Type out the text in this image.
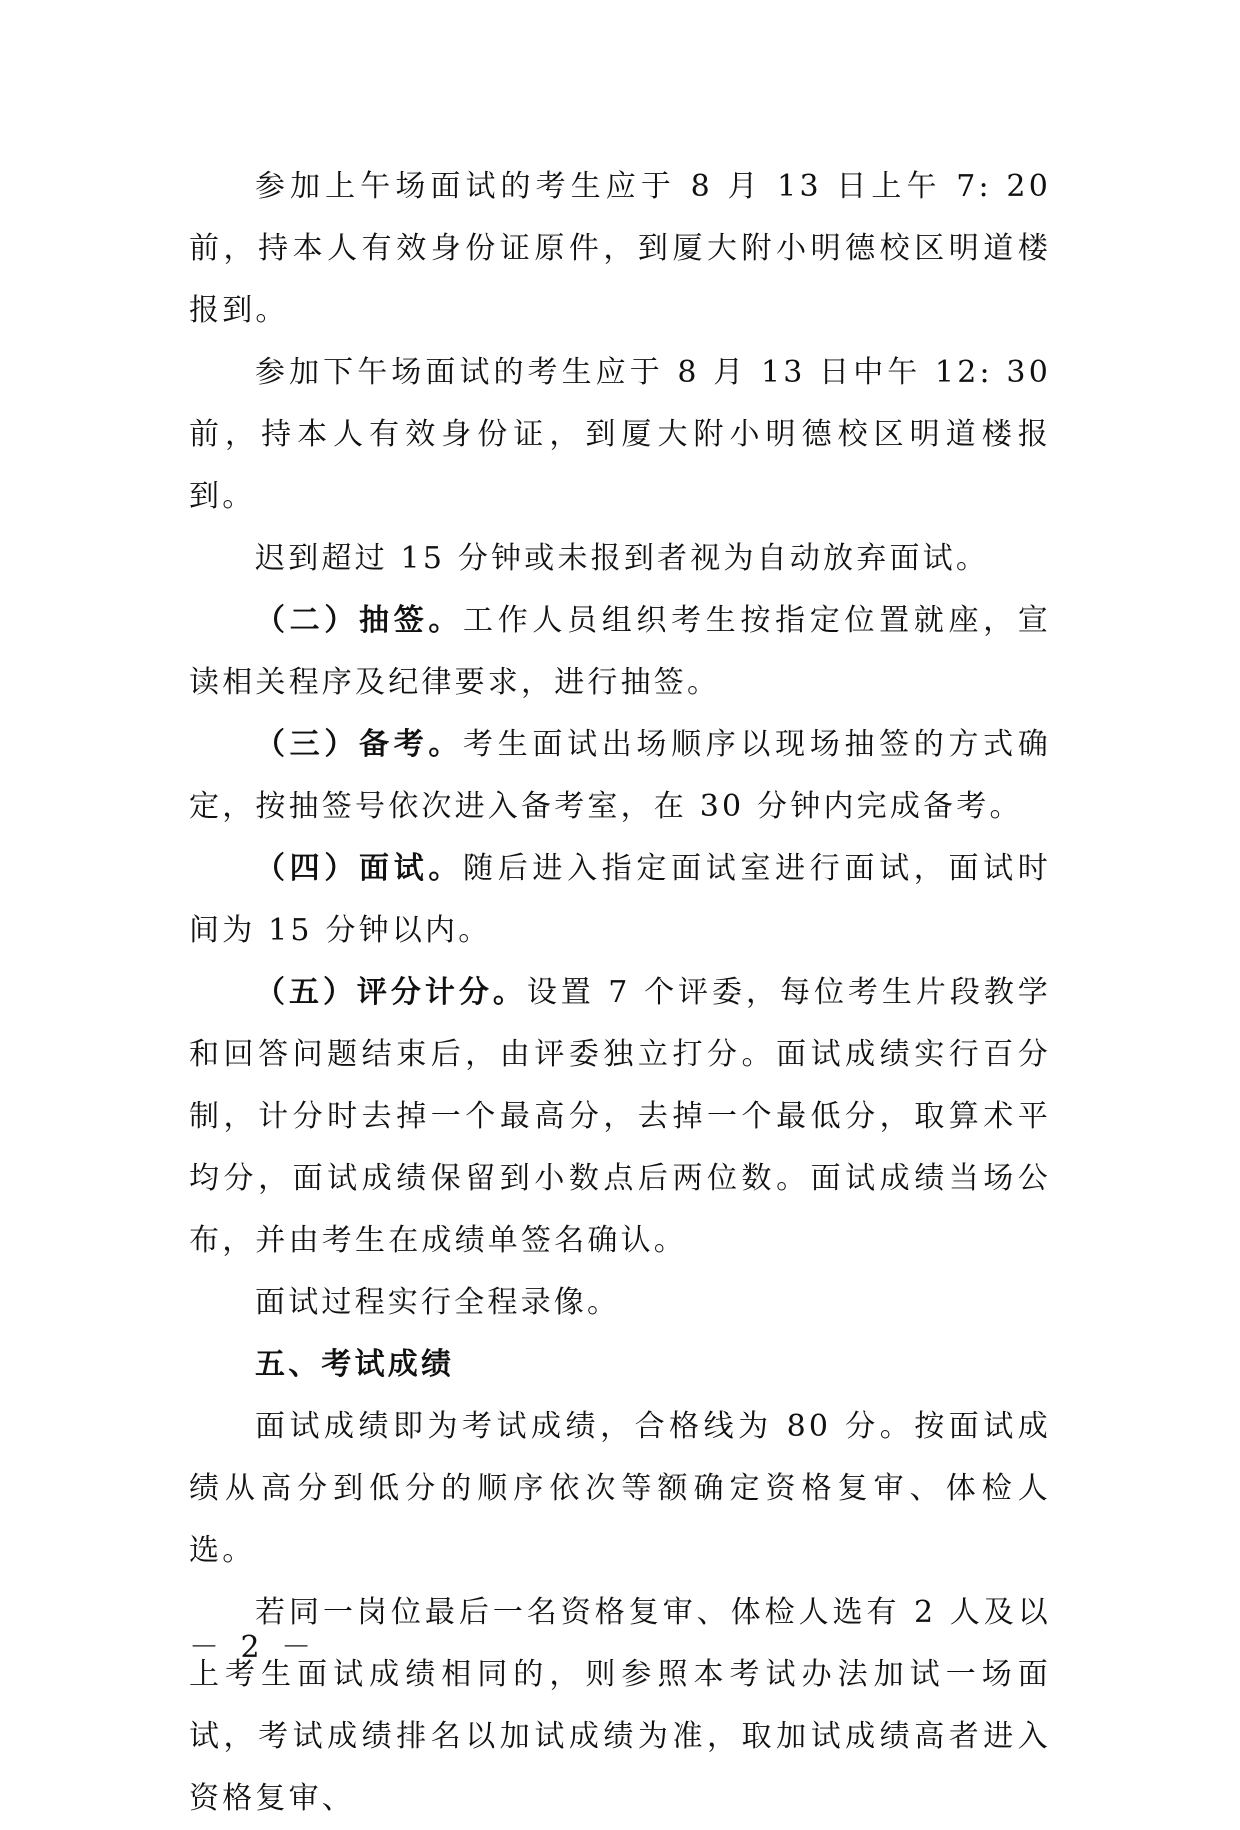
参加上午场面试的考生应于 8 月 13 日上午 7: 20 前，持本人有效身份证原件，到厦大附小明德校区明道楼报到。

参加下午场面试的考生应于 8 月 13 日中午 12: 30 前，持本人有效身份证，到厦大附小明德校区明道楼报到。

迟到超过 15 分钟或未报到者视为自动放弃面试。

（二）抽签。工作人员组织考生按指定位置就座，宣读相关程序及纪律要求，进行抽签。

（三）备考。考生面试出场顺序以现场抽签的方式确定，按抽签号依次进入备考室，在 30 分钟内完成备考。

（四）面试。随后进入指定面试室进行面试，面试时间为 15 分钟以内。

（五）评分计分。设置 7 个评委，每位考生片段教学和回答问题结束后，由评委独立打分。面试成绩实行百分制，计分时去掉一个最高分，去掉一个最低分，取算术平均分，面试成绩保留到小数点后两位数。面试成绩当场公布，并由考生在成绩单签名确认。

面试过程实行全程录像。

五、考试成绩

面试成绩即为考试成绩，合格线为 80 分。按面试成绩从高分到低分的顺序依次等额确定资格复审、体检人选。

若同一岗位最后一名资格复审、体检人选有 2 人及以上考生面试成绩相同的，则参照本考试办法加试一场面试，考试成绩排名以加试成绩为准，取加试成绩高者进入资格复审、

－ 2 －
